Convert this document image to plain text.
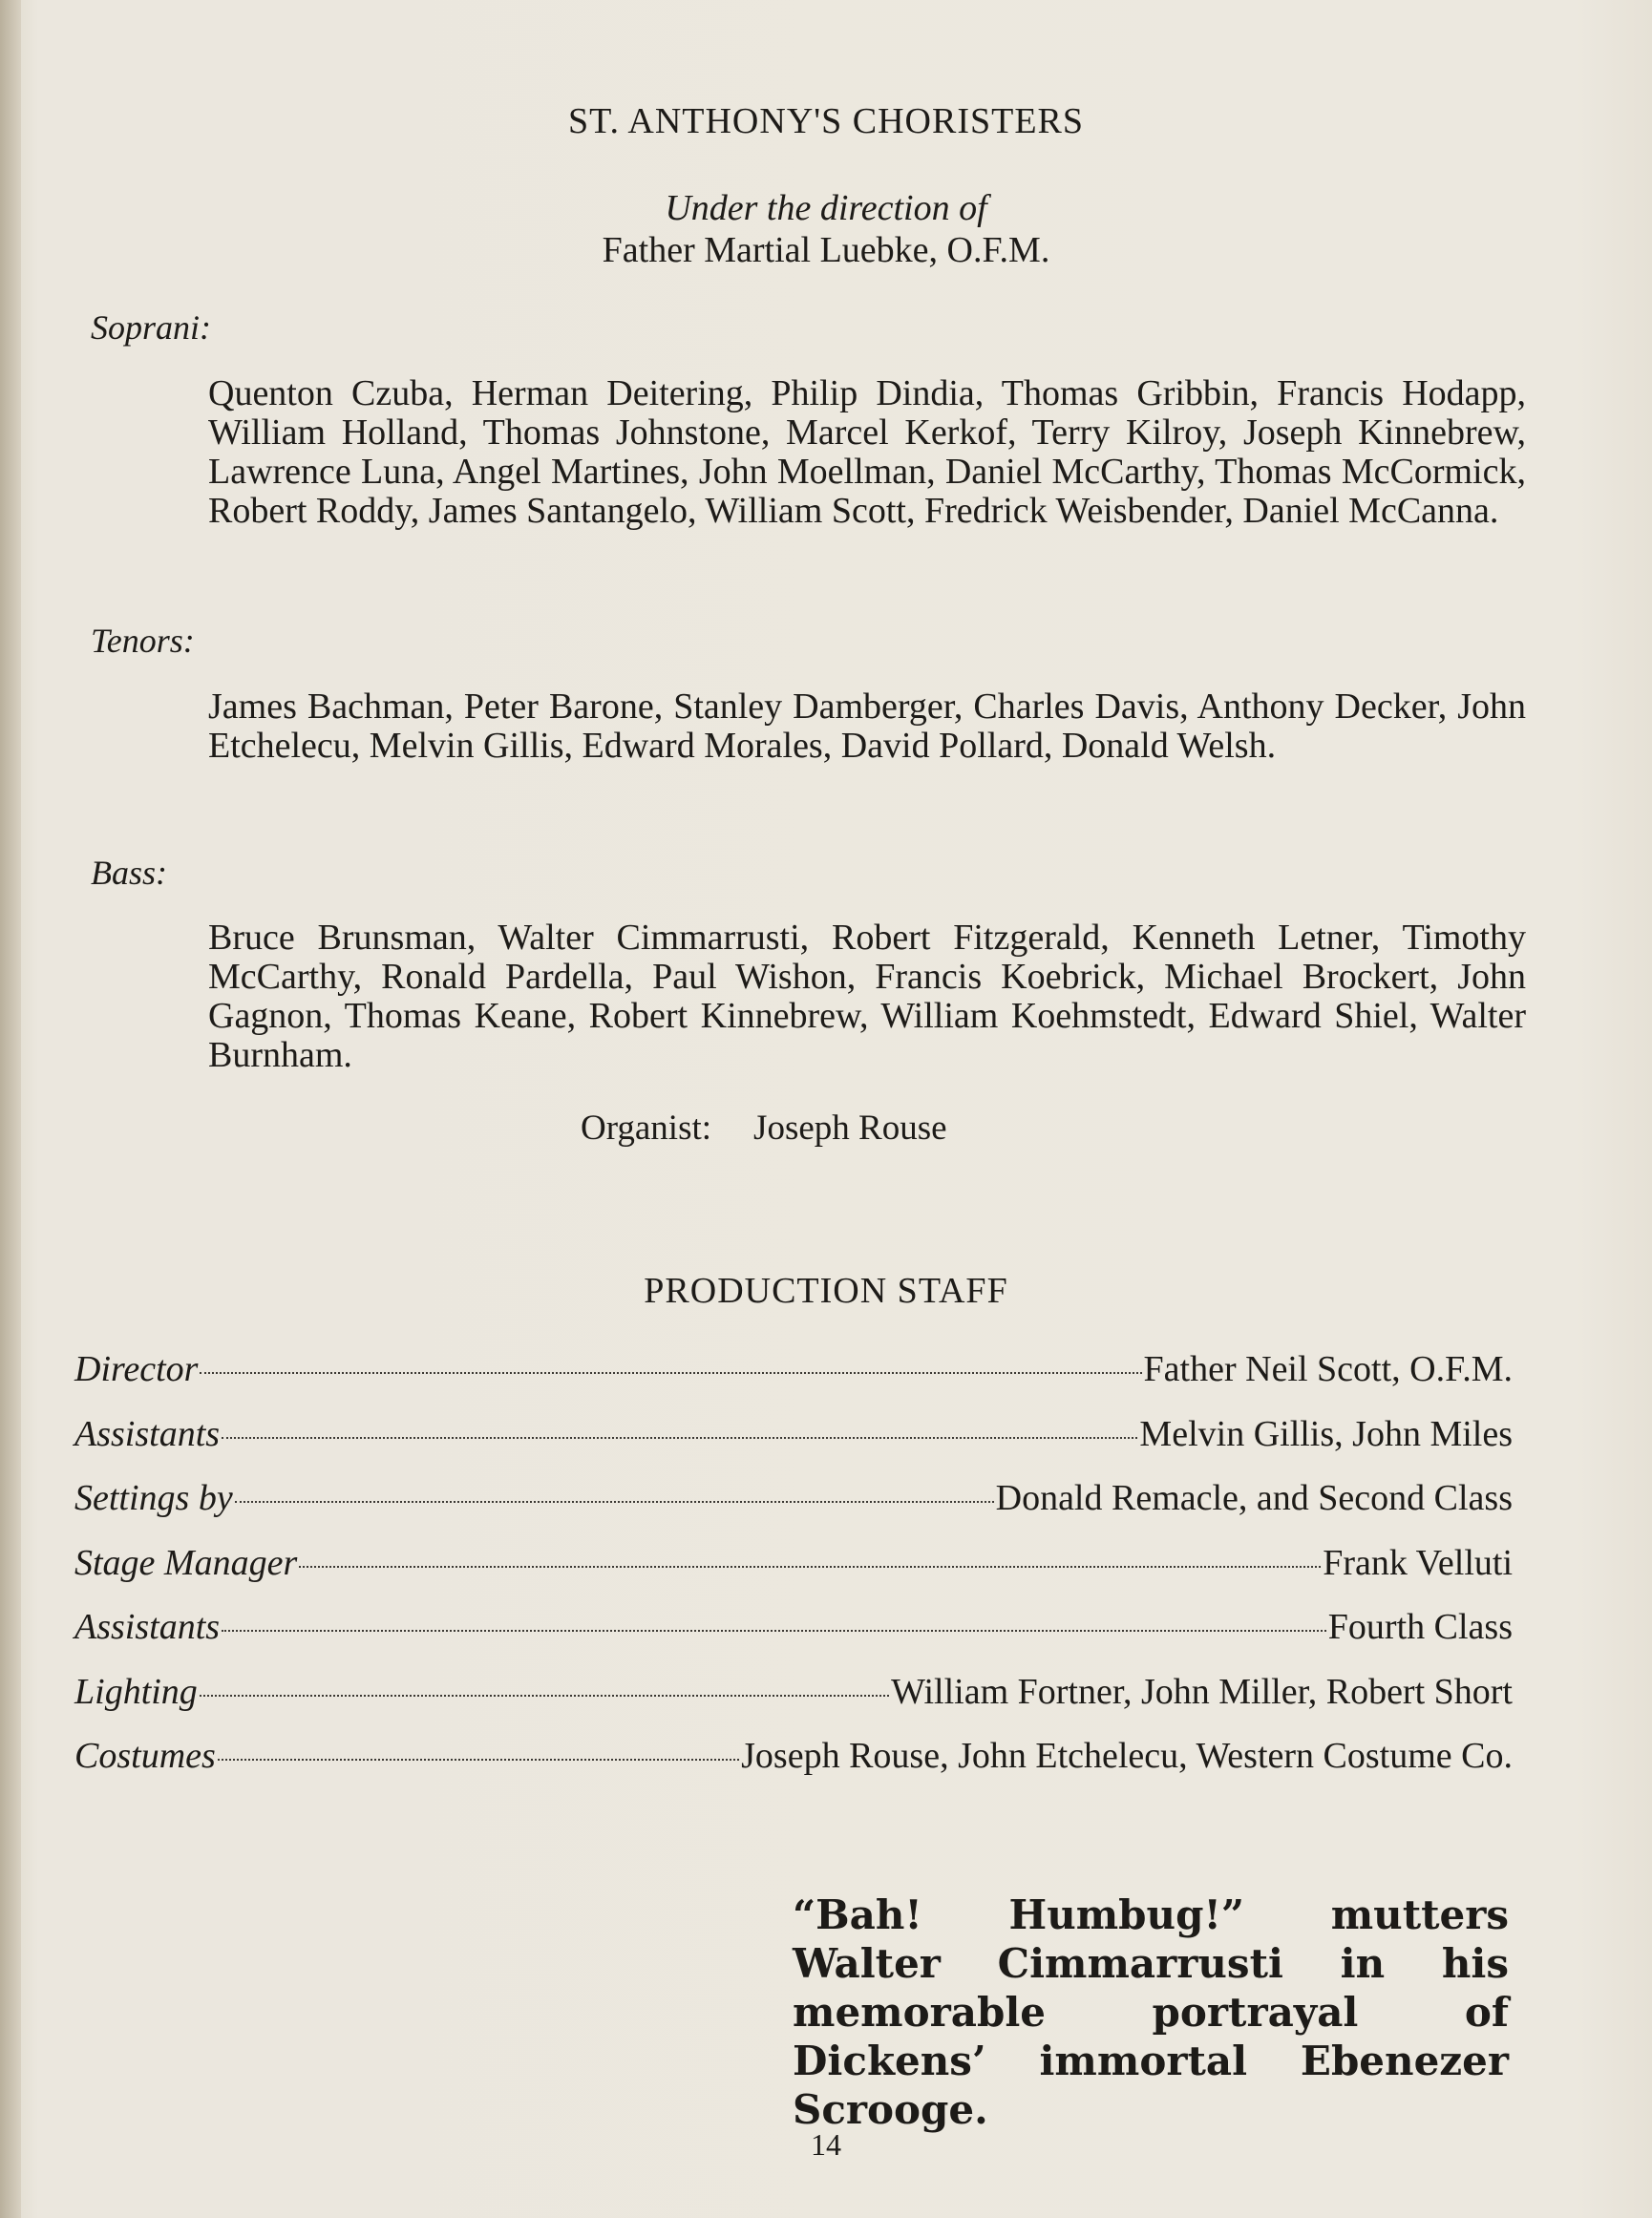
ST. ANTHONY'S CHORISTERS
Under the direction of
Father Martial Luebke, O.F.M.
Soprani:
Quenton Czuba, Herman Deitering, Philip Dindia, Thomas Gribbin, Francis Hodapp, William Holland, Thomas Johnstone, Marcel Kerkof, Terry Kilroy, Joseph Kinnebrew, Lawrence Luna, Angel Martines, John Moellman, Daniel McCarthy, Thomas McCormick, Robert Roddy, James Santangelo, William Scott, Fredrick Weisbender, Daniel McCanna.
Tenors:
James Bachman, Peter Barone, Stanley Damberger, Charles Davis, Anthony Decker, John Etchelecu, Melvin Gillis, Edward Morales, David Pollard, Donald Welsh.
Bass:
Bruce Brunsman, Walter Cimmarrusti, Robert Fitzgerald, Kenneth Letner, Timothy McCarthy, Ronald Pardella, Paul Wishon, Francis Koebrick, Michael Brockert, John Gagnon, Thomas Keane, Robert Kinnebrew, William Koehmstedt, Edward Shiel, Walter Burnham.
Organist: Joseph Rouse
PRODUCTION STAFF
Director	Father Neil Scott, O.F.M.
Assistants	Melvin Gillis, John Miles
Settings by	Donald Remacle, and Second Class
Stage Manager	Frank Velluti
Assistants	Fourth Class
Lighting	William Fortner, John Miller, Robert Short
Costumes	Joseph Rouse, John Etchelecu, Western Costume Co.
“Bah! Humbug!” mutters Walter Cimmarrusti in his memorable portrayal of Dickens’ immortal Ebenezer Scrooge.
14
